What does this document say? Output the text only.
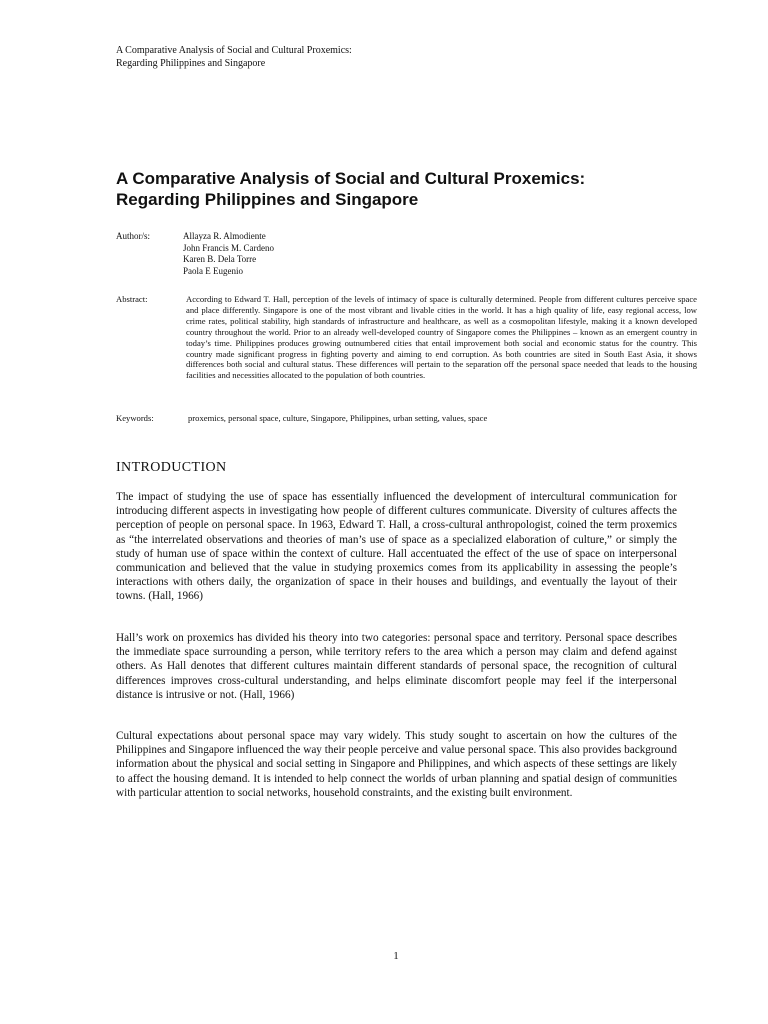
A Comparative Analysis of Social and Cultural Proxemics:
Regarding Philippines and Singapore
A Comparative Analysis of Social and Cultural Proxemics:
Regarding Philippines and Singapore
Author/s:	Allayza R. Almodiente
John Francis M. Cardeno
Karen B. Dela Torre
Paola E Eugenio
Abstract:	According to Edward T. Hall, perception of the levels of intimacy of space is culturally determined. People from different cultures perceive space and place differently. Singapore is one of the most vibrant and livable cities in the world. It has a high quality of life, easy regional access, low crime rates, political stability, high standards of infrastructure and healthcare, as well as a cosmopolitan lifestyle, making it a known developed country throughout the world. Prior to an already well-developed country of Singapore comes the Philippines – known as an emergent country in today’s time. Philippines produces growing outnumbered cities that entail improvement both social and economic status for the country. This country made significant progress in fighting poverty and aiming to end corruption. As both countries are sited in South East Asia, it shows differences both social and cultural status. These differences will pertain to the separation off the personal space needed that leads to the housing facilities and necessities allocated to the population of both countries.
Keywords:	proxemics, personal space, culture, Singapore, Philippines, urban setting, values, space
INTRODUCTION
The impact of studying the use of space has essentially influenced the development of intercultural communication for introducing different aspects in investigating how people of different cultures communicate. Diversity of cultures affects the perception of people on personal space. In 1963, Edward T. Hall, a cross-cultural anthropologist, coined the term proxemics as “the interrelated observations and theories of man’s use of space as a specialized elaboration of culture,” or simply the study of human use of space within the context of culture. Hall accentuated the effect of the use of space on interpersonal communication and believed that the value in studying proxemics comes from its applicability in assessing the people’s interactions with others daily, the organization of space in their houses and buildings, and eventually the layout of their towns. (Hall, 1966)
Hall’s work on proxemics has divided his theory into two categories: personal space and territory. Personal space describes the immediate space surrounding a person, while territory refers to the area which a person may claim and defend against others. As Hall denotes that different cultures maintain different standards of personal space, the recognition of cultural differences improves cross-cultural understanding, and helps eliminate discomfort people may feel if the interpersonal distance is intrusive or not. (Hall, 1966)
Cultural expectations about personal space may vary widely. This study sought to ascertain on how the cultures of the Philippines and Singapore influenced the way their people perceive and value personal space. This also provides background information about the physical and social setting in Singapore and Philippines, and which aspects of these settings are likely to affect the housing demand. It is intended to help connect the worlds of urban planning and spatial design of communities with particular attention to social networks, household constraints, and the existing built environment.
1
